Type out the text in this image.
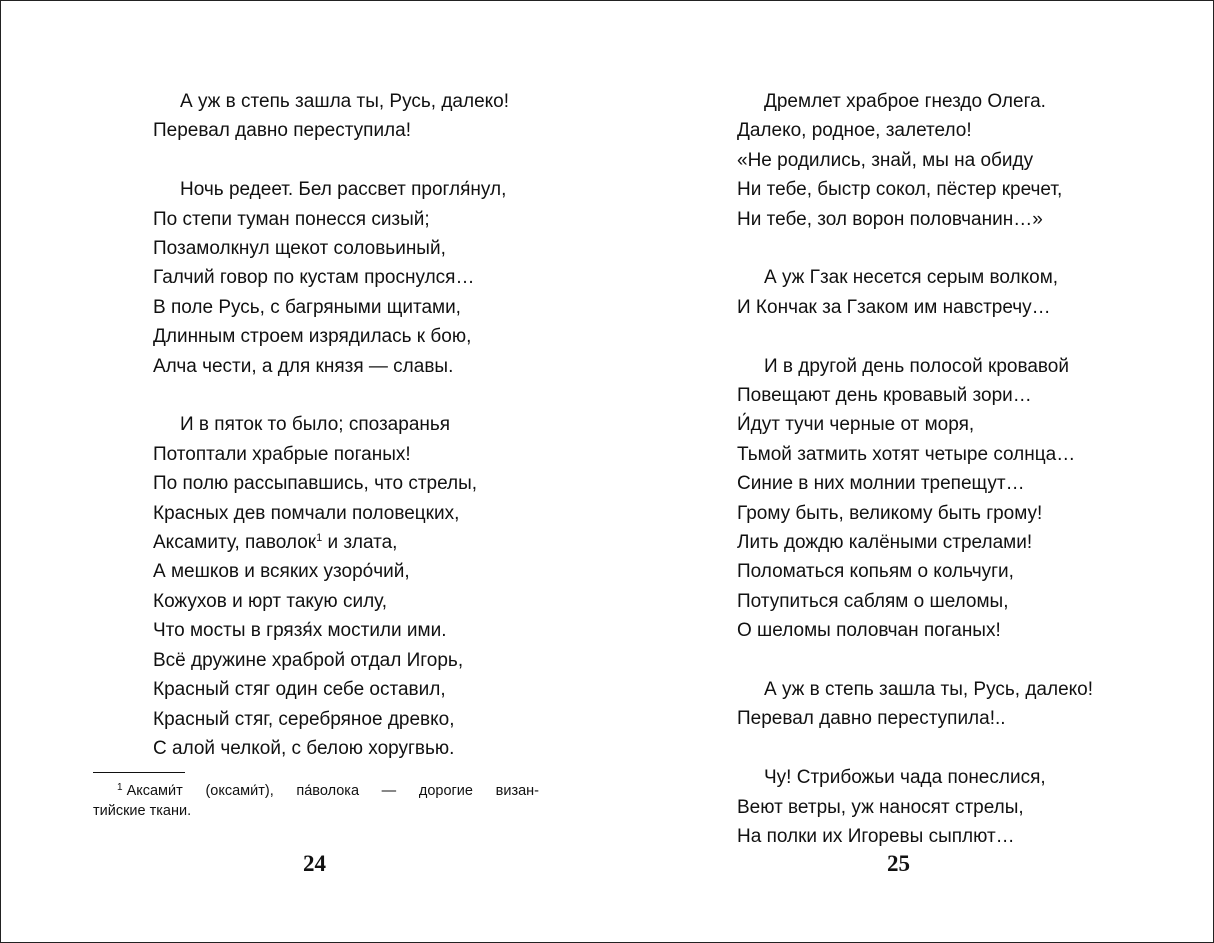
А уж в степь зашла ты, Русь, далеко!
Перевал давно переступила!
Ночь редеет. Бел рассвет прогля́нул,
По степи туман понесся сизый;
Позамолкнул щекот соловьиный,
Галчий говор по кустам проснулся…
В поле Русь, с багряными щитами,
Длинным строем изрядилась к бою,
Алча чести, а для князя — славы.
И в пяток то было; спозаранья
Потоптали храбрые поганых!
По полю рассыпавшись, что стрелы,
Красных дев помчали половецких,
Аксамиту, паволок$^1$ и злата,
А мешков и всяких узоро́чий,
Кожухов и юрт такую силу,
Что мосты в грязя́х мостили ими.
Всё дружине храброй отдал Игорь,
Красный стяг один себе оставил,
Красный стяг, серебряное древко,
С алой челкой, с белою хоругвью.
$^1$ Аксами́т (оксами́т), па́волока — дорогие визан-
тийские ткани.
24
Дремлет храброе гнездо Олега.
Далеко, родное, залетело!
«Не родились, знай, мы на обиду
Ни тебе, быстр сокол, пёстер кречет,
Ни тебе, зол ворон половчанин…»
А уж Гзак несется серым волком,
И Кончак за Гзаком им навстречу…
И в другой день полосой кровавой
Повещают день кровавый зори…
И́дут тучи черные от моря,
Тьмой затмить хотят четыре солнца…
Синие в них молнии трепещут…
Грому быть, великому быть грому!
Лить дождю калёными стрелами!
Поломаться копьям о кольчуги,
Потупиться саблям о шеломы,
О шеломы половчан поганых!
А уж в степь зашла ты, Русь, далеко!
Перевал давно переступила!..
Чу! Стрибожьи чада понеслися,
Веют ветры, уж наносят стрелы,
На полки их Игоревы сыплют…
25
